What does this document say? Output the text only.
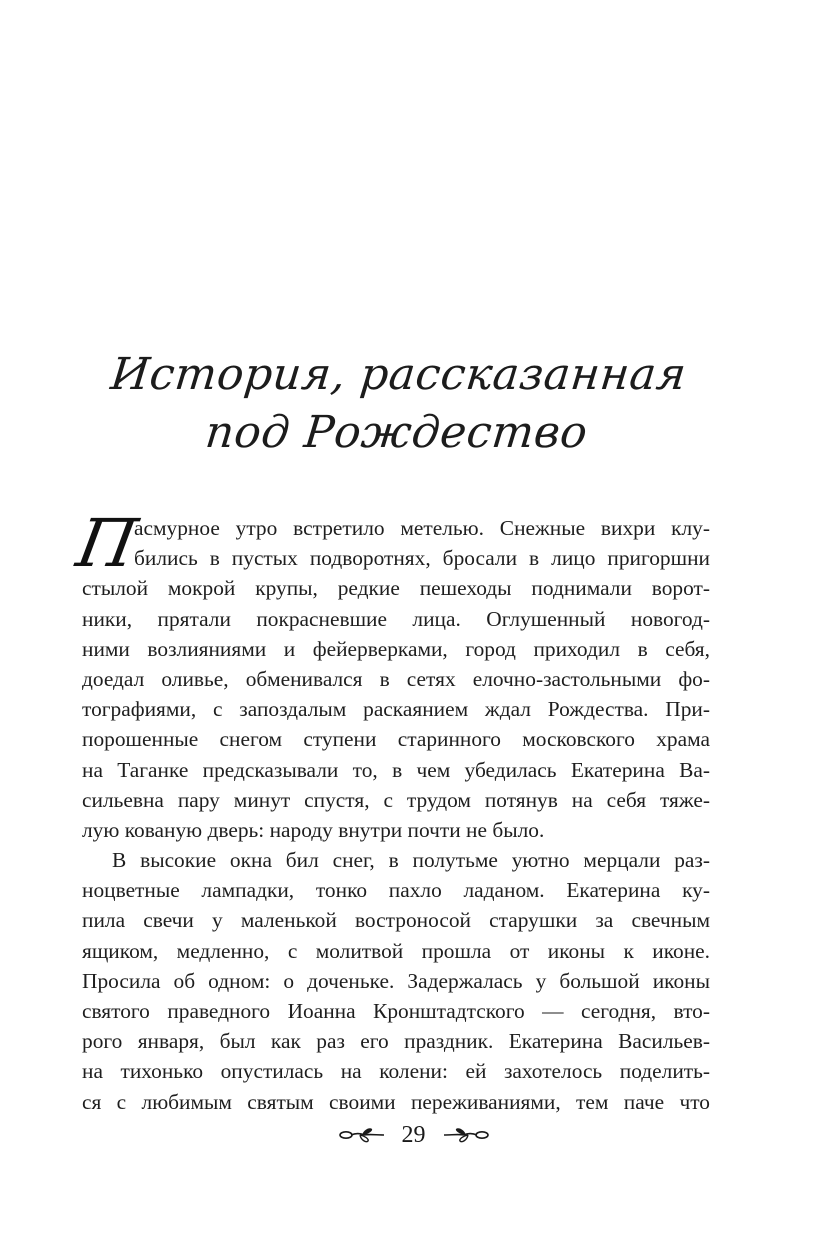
История, рассказанная
под Рождество
П
асмурное утро встретило метелью. Снежные вихри клу-
бились в пустых подворотнях, бросали в лицо пригоршни
стылой мокрой крупы, редкие пешеходы поднимали ворот-
ники, прятали покрасневшие лица. Оглушенный новогод-
ними возлияниями и фейерверками, город приходил в себя,
доедал оливье, обменивался в сетях елочно-застольными фо-
тографиями, с запоздалым раскаянием ждал Рождества. При-
порошенные снегом ступени старинного московского храма
на Таганке предсказывали то, в чем убедилась Екатерина Ва-
сильевна пару минут спустя, с трудом потянув на себя тяже-
лую кованую дверь: народу внутри почти не было.
В высокие окна бил снег, в полутьме уютно мерцали раз-
ноцветные лампадки, тонко пахло ладаном. Екатерина ку-
пила свечи у маленькой востроносой старушки за свечным
ящиком, медленно, с молитвой прошла от иконы к иконе.
Просила об одном: о доченьке. Задержалась у большой иконы
святого праведного Иоанна Кронштадтского — сегодня, вто-
рого января, был как раз его праздник. Екатерина Васильев-
на тихонько опустилась на колени: ей захотелось поделить-
ся с любимым святым своими переживаниями, тем паче что
29
